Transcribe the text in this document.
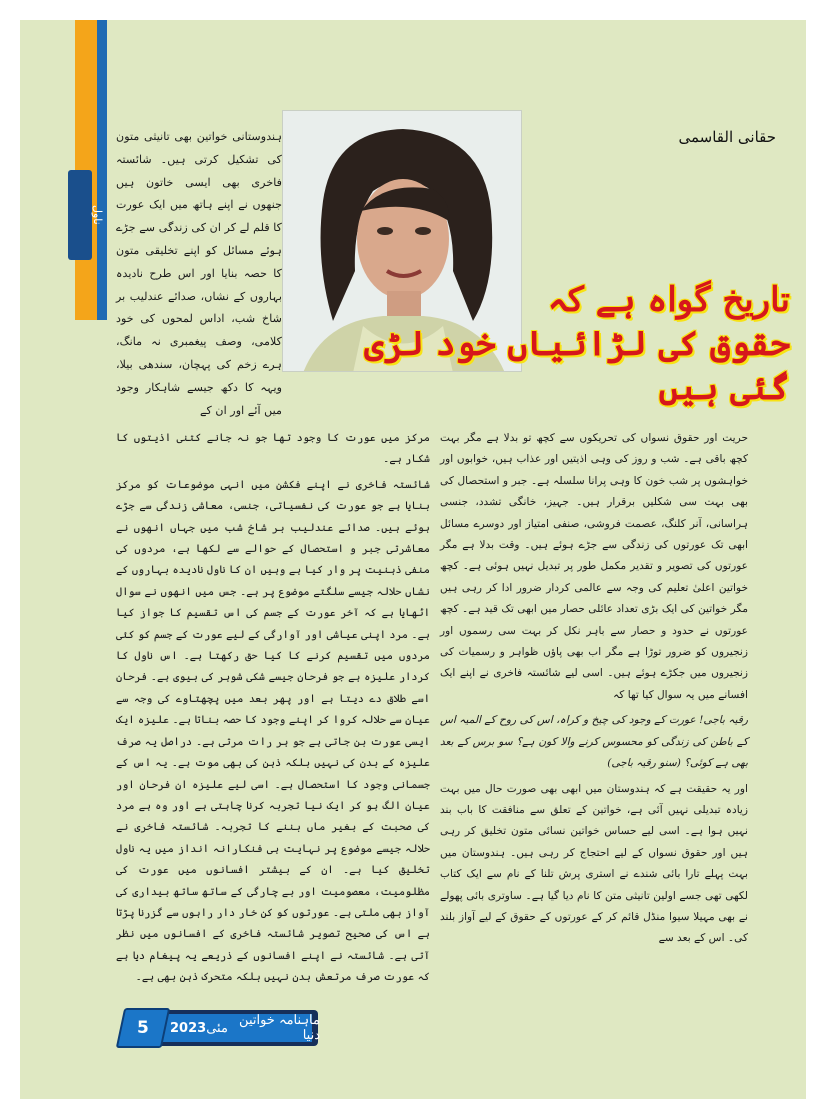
ناول
حقانی القاسمی
تاریخ گواہ ہے کہ
حقوق کی لڑائیاں خود لڑی گئی ہیں
ہندوستانی خواتین بھی تانیثی متون کی تشکیل کرتی ہیں۔ شائستہ فاخری بھی ایسی خاتون ہیں جنھوں نے اپنے ہاتھ میں ایک عورت کا قلم لے کر ان کی زندگی سے جڑے ہوئے مسائل کو اپنے تخلیقی متون کا حصہ بنایا اور اس طرح نادیدہ بہاروں کے نشاں، صدائے عندلیب بر شاخ شب، اداس لمحوں کی خود کلامی، وصف پیغمبری نہ مانگ، ہرے زخم کی پہچان، سندھی بیلا، ویہہ کا دکھ جیسے شاہکار وجود میں آئے اور ان کے

مرکز میں عورت کا وجود تھا جو نہ جانے کتنی اذیتوں کا شکار ہے۔

شائستہ فاخری نے اپنے فکشن میں انہی موضوعات کو مرکز بنایا ہے جو عورت کی نفسیاتی، جنسی، معاشی زندگی سے جڑے ہوئے ہیں۔ صدائے عندلیب بر شاخ شب میں جہاں انھوں نے معاشرتی جبر و استحصال کے حوالے سے لکھا ہے، مردوں کی منفی ذہنیت پر وار کیا ہے وہیں ان کا ناول نادیدہ بہاروں کے نشاں حلالہ جیسے سلگتے موضوع پر ہے۔ جس میں انھوں نے سوال اٹھایا ہے کہ آخر عورت کے جسم کی اس تقسیم کا جواز کیا ہے۔ مرد اپنی عیاشی اور آوارگی کے لیے عورت کے جسم کو کئی مردوں میں تقسیم کرنے کا کیا حق رکھتا ہے۔ اس ناول کا کردار علیزہ ہے جو فرحان جیسے شکی شوہر کی بیوی ہے۔ فرحان اسے طلاق دے دیتا ہے اور پھر بعد میں پچھتاوے کی وجہ سے عیان سے حلالہ کروا کر اپنے وجود کا حصہ بناتا ہے۔ علیزہ ایک ایسی عورت بن جاتی ہے جو ہر رات مرتی ہے۔ دراصل یہ صرف علیزہ کے بدن کی نہیں بلکہ ذہن کی بھی موت ہے۔ یہ اس کے جسمانی وجود کا استحصال ہے۔ اسی لیے علیزہ ان فرحان اور عیان الگ ہو کر ایک نیا تجربہ کرنا چاہتی ہے اور وہ ہے مرد کی صحبت کے بغیر ماں بننے کا تجربہ۔ شائستہ فاخری نے حلالہ جیسے موضوع پر نہایت ہی فنکارانہ انداز میں یہ ناول تخلیق کیا ہے۔ ان کے بیشتر افسانوں میں عورت کی مظلومیت، معصومیت اور بے چارگی کے ساتھ ساتھ بیداری کی آواز بھی ملتی ہے۔ عورتوں کو کن خار دار راہوں سے گزرنا پڑتا ہے اس کی صحیح تصویر شائستہ فاخری کے افسانوں میں نظر آتی ہے۔ شائستہ نے اپنے افسانوں کے ذریعے یہ پیغام دیا ہے کہ عورت صرف مرتعش بدن نہیں بلکہ متحرک ذہن بھی ہے۔

حریت اور حقوق نسواں کی تحریکوں سے کچھ تو بدلا ہے مگر بہت کچھ باقی ہے۔ شب و روز کی وہی اذیتیں اور عذاب ہیں، خوابوں اور خواہشوں پر شب خون کا وہی پرانا سلسلہ ہے۔ جبر و استحصال کی بھی بہت سی شکلیں برقرار ہیں۔ جہیز، خانگی تشدد، جنسی ہراسانی، آنر کلنگ، عصمت فروشی، صنفی امتیاز اور دوسرے مسائل ابھی تک عورتوں کی زندگی سے جڑے ہوئے ہیں۔ وقت بدلا ہے مگر عورتوں کی تصویر و تقدیر مکمل طور پر تبدیل نہیں ہوئی ہے۔ کچھ خواتین اعلیٰ تعلیم کی وجہ سے عالمی کردار ضرور ادا کر رہی ہیں مگر خواتین کی ایک بڑی تعداد عائلی حصار میں ابھی تک قید ہے۔ کچھ عورتوں نے حدود و حصار سے باہر نکل کر بہت سی رسموں اور زنجیروں کو ضرور توڑا ہے مگر اب بھی پاؤں ظواہر و رسمیات کی زنجیروں میں جکڑے ہوئے ہیں۔ اسی لیے شائستہ فاخری نے اپنے ایک افسانے میں یہ سوال کیا تھا کہ

رقیہ باجی! عورت کے وجود کی چیخ و کراہ، اس کی روح کے المیہ اس کے باطن کی زندگی کو محسوس کرنے والا کون ہے؟ سو برس کے بعد بھی ہے کوئی؟ (سنو رقیہ باجی)

اور یہ حقیقت ہے کہ ہندوستان میں ابھی بھی صورت حال میں بہت زیادہ تبدیلی نہیں آئی ہے، خواتین کے تعلق سے منافقت کا باب بند نہیں ہوا ہے۔ اسی لیے حساس خواتین نسائی متون تخلیق کر رہی ہیں اور حقوق نسواں کے لیے احتجاج کر رہی ہیں۔ ہندوستان میں بہت پہلے تارا بائی شندے نے استری پرش تلنا کے نام سے ایک کتاب لکھی تھی جسے اولین تانیثی متن کا نام دیا گیا ہے۔ ساوتری بائی پھولے نے بھی مہیلا سیوا منڈل قائم کر کے عورتوں کے حقوق کے لیے آواز بلند کی۔ اس کے بعد سے

5	2023 مئی ماہنامہ خواتین دنیا
